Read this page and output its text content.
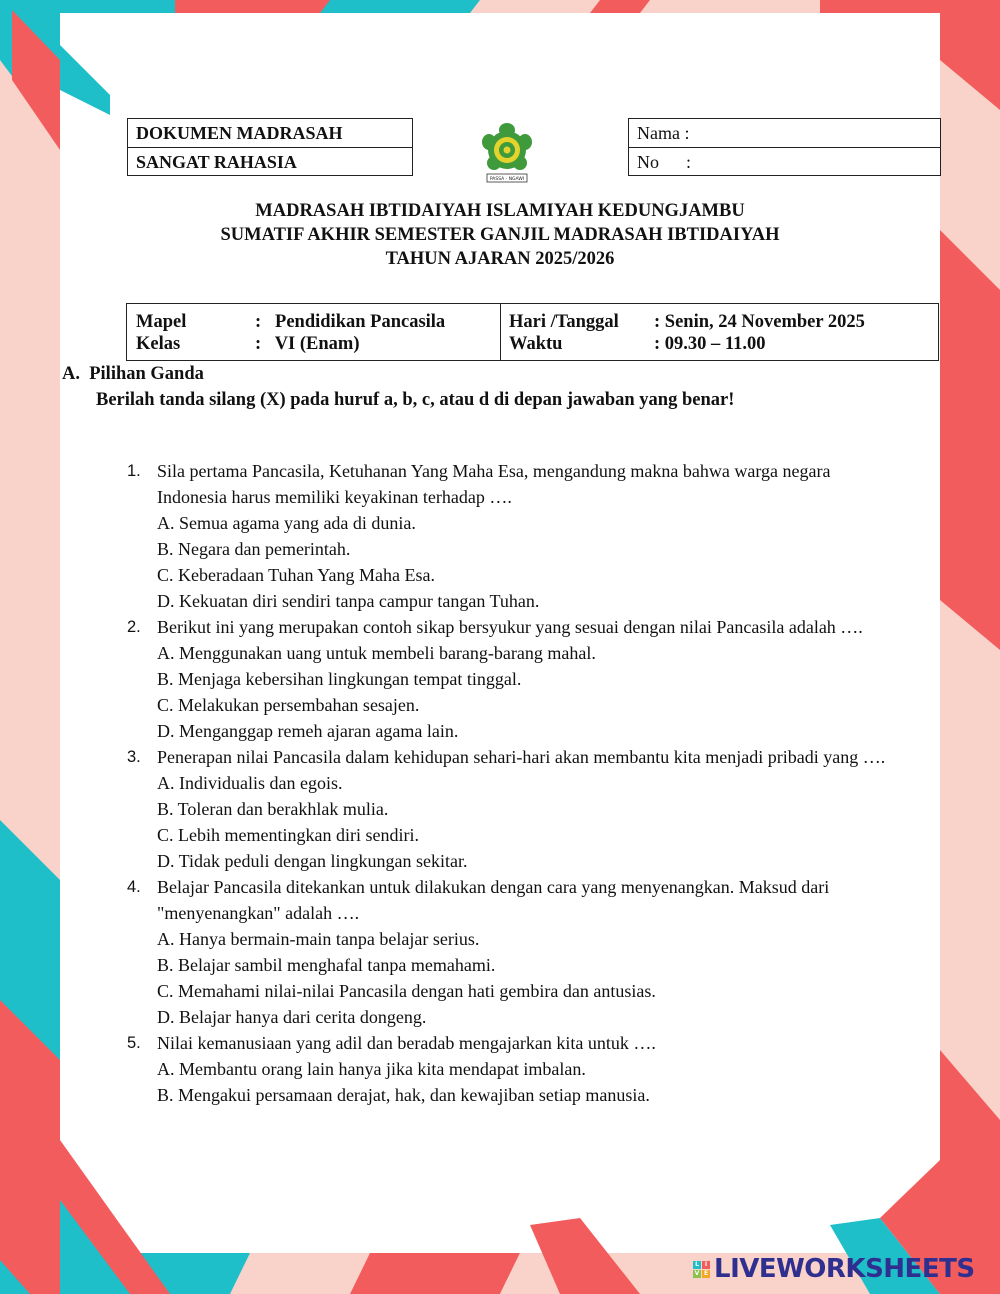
DOKUMEN MADRASAH
SANGAT RAHASIA
PASSA - NGAWI
Nama :
No      :
MADRASAH IBTIDAIYAH ISLAMIYAH KEDUNGJAMBU
SUMATIF AKHIR SEMESTER GANJIL MADRASAH IBTIDAIYAH
TAHUN AJARAN 2025/2026
Mapel	:   Pendidikan Pancasila
Kelas	:   VI (Enam)
Hari /Tanggal : Senin, 24 November 2025
Waktu	: 09.30 – 11.00
A.  Pilihan Ganda
Berilah tanda silang (X) pada huruf a, b, c, atau d di depan jawaban yang benar!
1. Sila pertama Pancasila, Ketuhanan Yang Maha Esa, mengandung makna bahwa warga negara Indonesia harus memiliki keyakinan terhadap ….
A. Semua agama yang ada di dunia.
B. Negara dan pemerintah.
C. Keberadaan Tuhan Yang Maha Esa.
D. Kekuatan diri sendiri tanpa campur tangan Tuhan.
2. Berikut ini yang merupakan contoh sikap bersyukur yang sesuai dengan nilai Pancasila adalah ….
A. Menggunakan uang untuk membeli barang-barang mahal.
B. Menjaga kebersihan lingkungan tempat tinggal.
C. Melakukan persembahan sesajen.
D. Menganggap remeh ajaran agama lain.
3. Penerapan nilai Pancasila dalam kehidupan sehari-hari akan membantu kita menjadi pribadi yang ….
A. Individualis dan egois.
B. Toleran dan berakhlak mulia.
C. Lebih mementingkan diri sendiri.
D. Tidak peduli dengan lingkungan sekitar.
4. Belajar Pancasila ditekankan untuk dilakukan dengan cara yang menyenangkan. Maksud dari "menyenangkan" adalah ….
A. Hanya bermain-main tanpa belajar serius.
B. Belajar sambil menghafal tanpa memahami.
C. Memahami nilai-nilai Pancasila dengan hati gembira dan antusias.
D. Belajar hanya dari cerita dongeng.
5. Nilai kemanusiaan yang adil dan beradab mengajarkan kita untuk ….
A. Membantu orang lain hanya jika kita mendapat imbalan.
B. Mengakui persamaan derajat, hak, dan kewajiban setiap manusia.
L I
V E LIVEWORKSHEETS
